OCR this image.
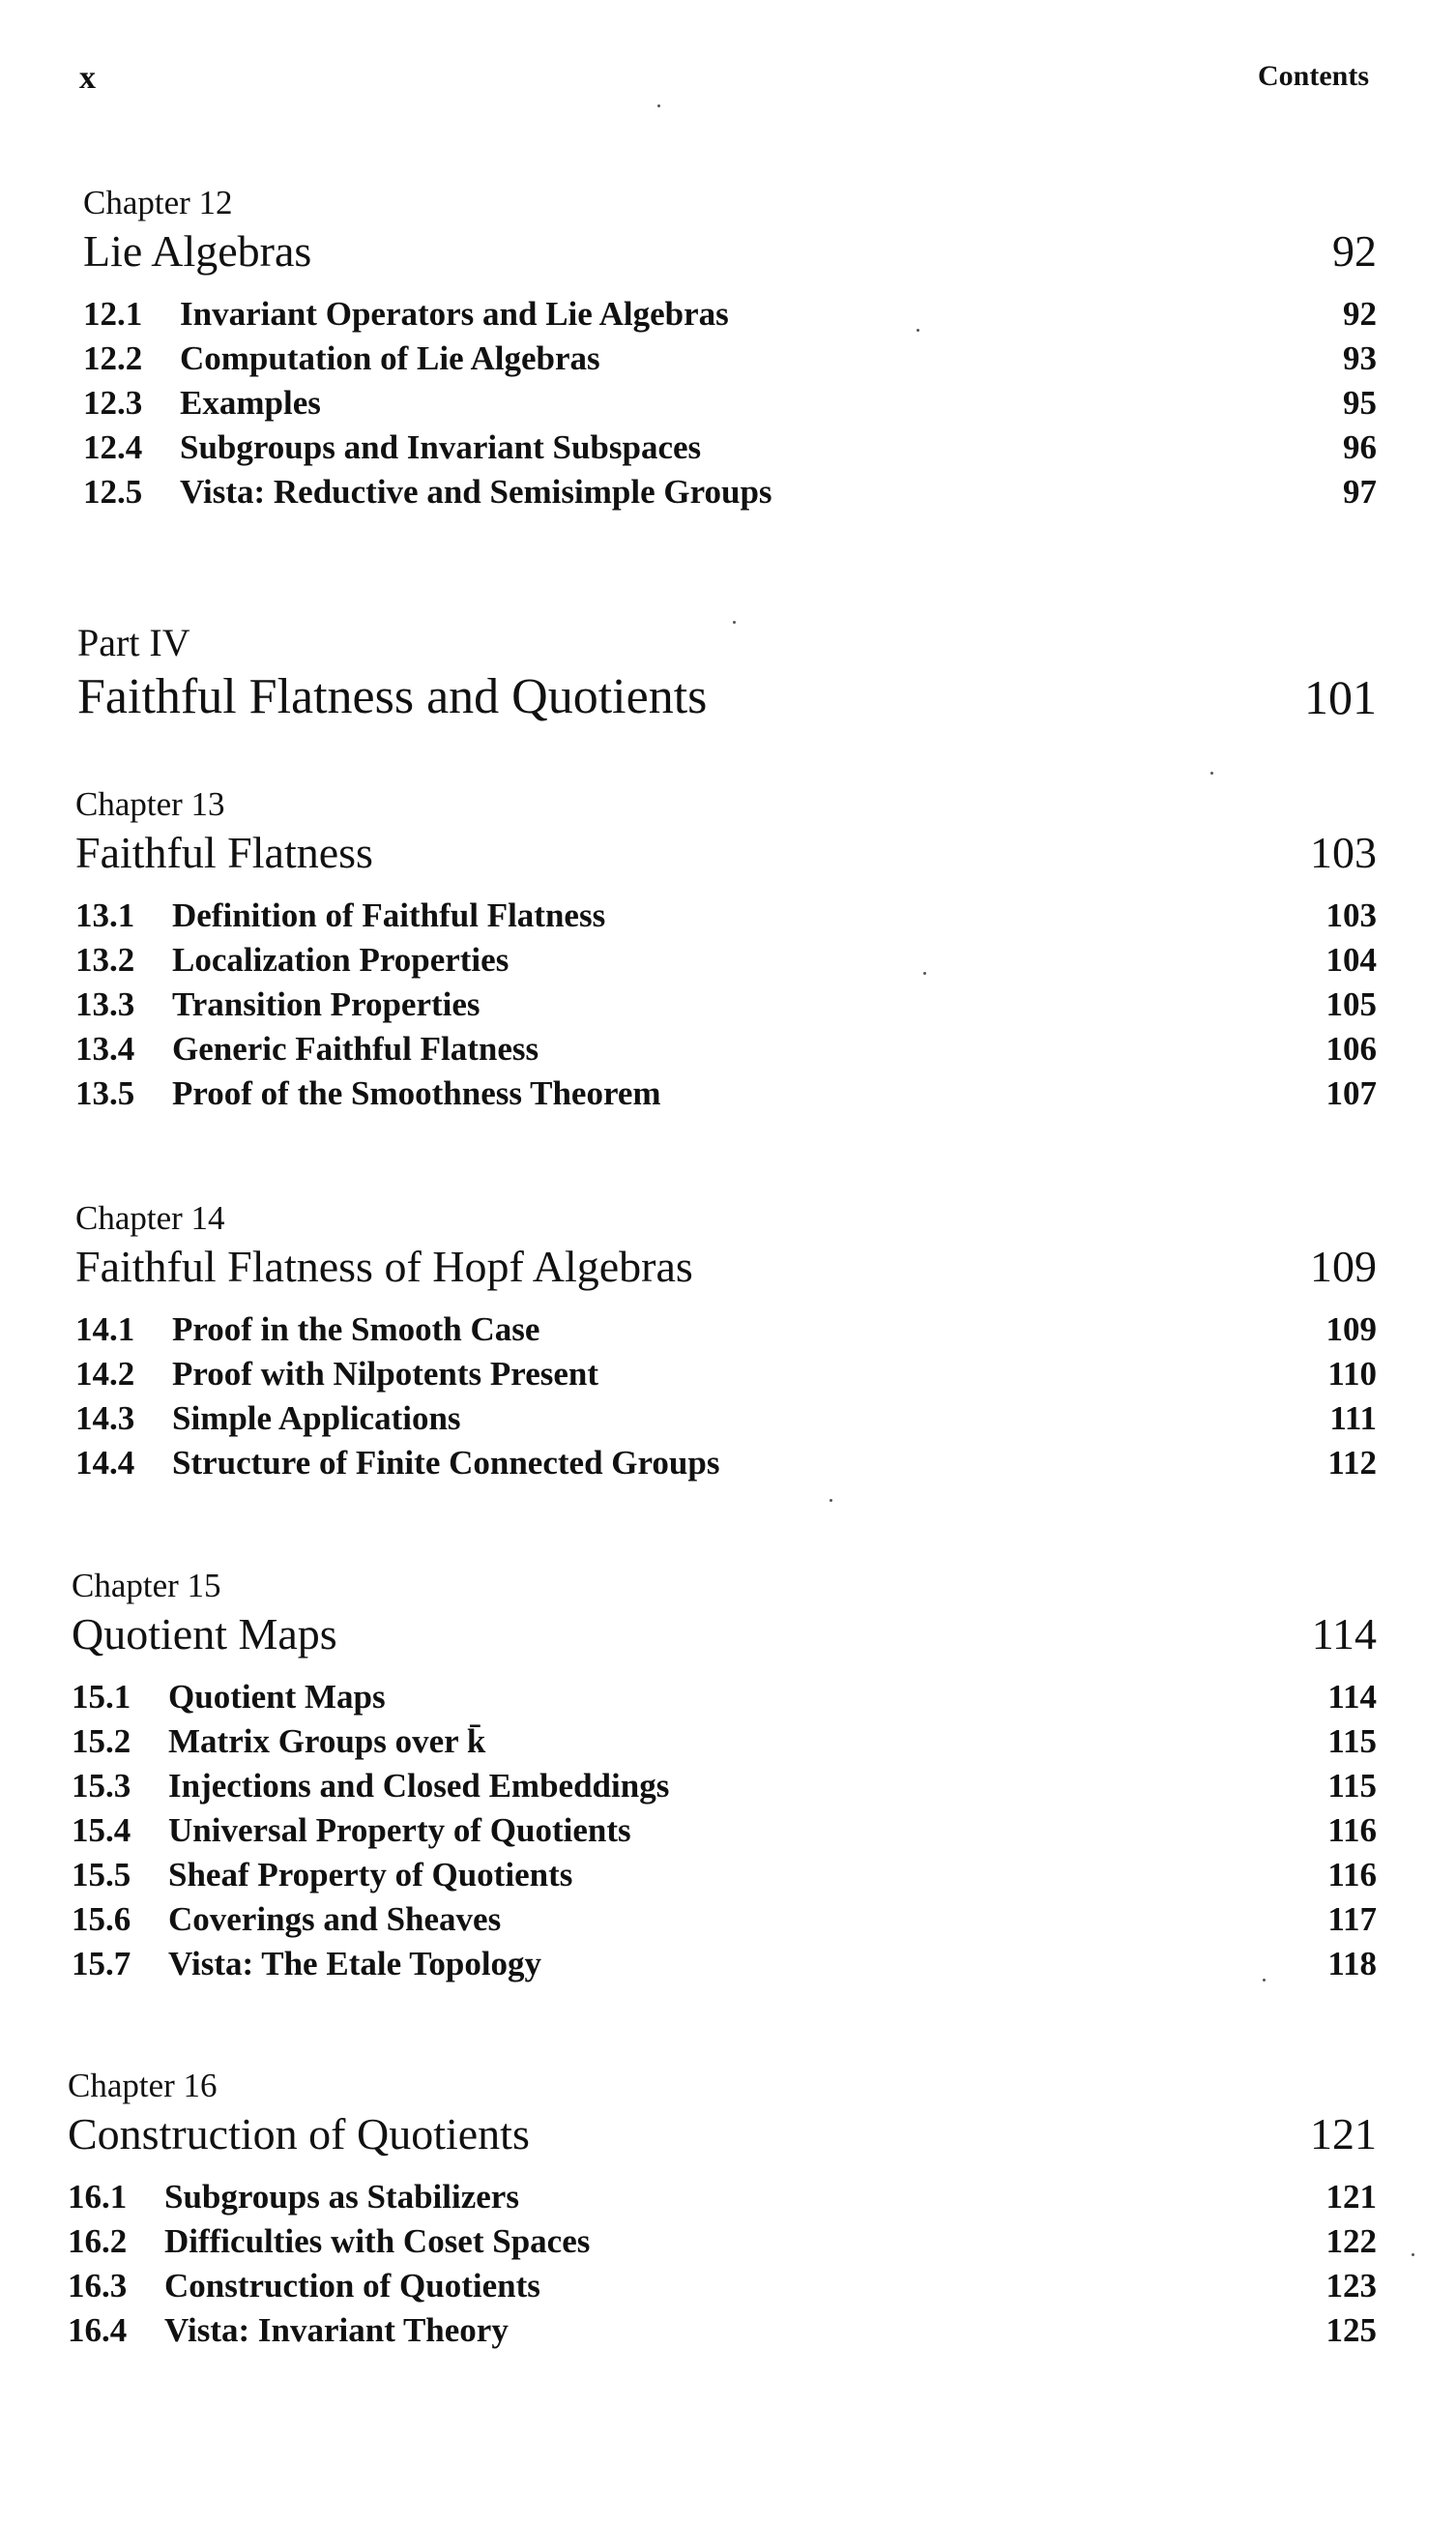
x	Contents
Chapter 12
Lie Algebras	92
12.1 Invariant Operators and Lie Algebras	92
12.2 Computation of Lie Algebras	93
12.3 Examples	95
12.4 Subgroups and Invariant Subspaces	96
12.5 Vista: Reductive and Semisimple Groups	97
Part IV
Faithful Flatness and Quotients	101
Chapter 13
Faithful Flatness	103
13.1 Definition of Faithful Flatness	103
13.2 Localization Properties	104
13.3 Transition Properties	105
13.4 Generic Faithful Flatness	106
13.5 Proof of the Smoothness Theorem	107
Chapter 14
Faithful Flatness of Hopf Algebras	109
14.1 Proof in the Smooth Case	109
14.2 Proof with Nilpotents Present	110
14.3 Simple Applications	111
14.4 Structure of Finite Connected Groups	112
Chapter 15
Quotient Maps	114
15.1 Quotient Maps	114
15.2 Matrix Groups over k̄	115
15.3 Injections and Closed Embeddings	115
15.4 Universal Property of Quotients	116
15.5 Sheaf Property of Quotients	116
15.6 Coverings and Sheaves	117
15.7 Vista: The Etale Topology	118
Chapter 16
Construction of Quotients	121
16.1 Subgroups as Stabilizers	121
16.2 Difficulties with Coset Spaces	122
16.3 Construction of Quotients	123
16.4 Vista: Invariant Theory	125
